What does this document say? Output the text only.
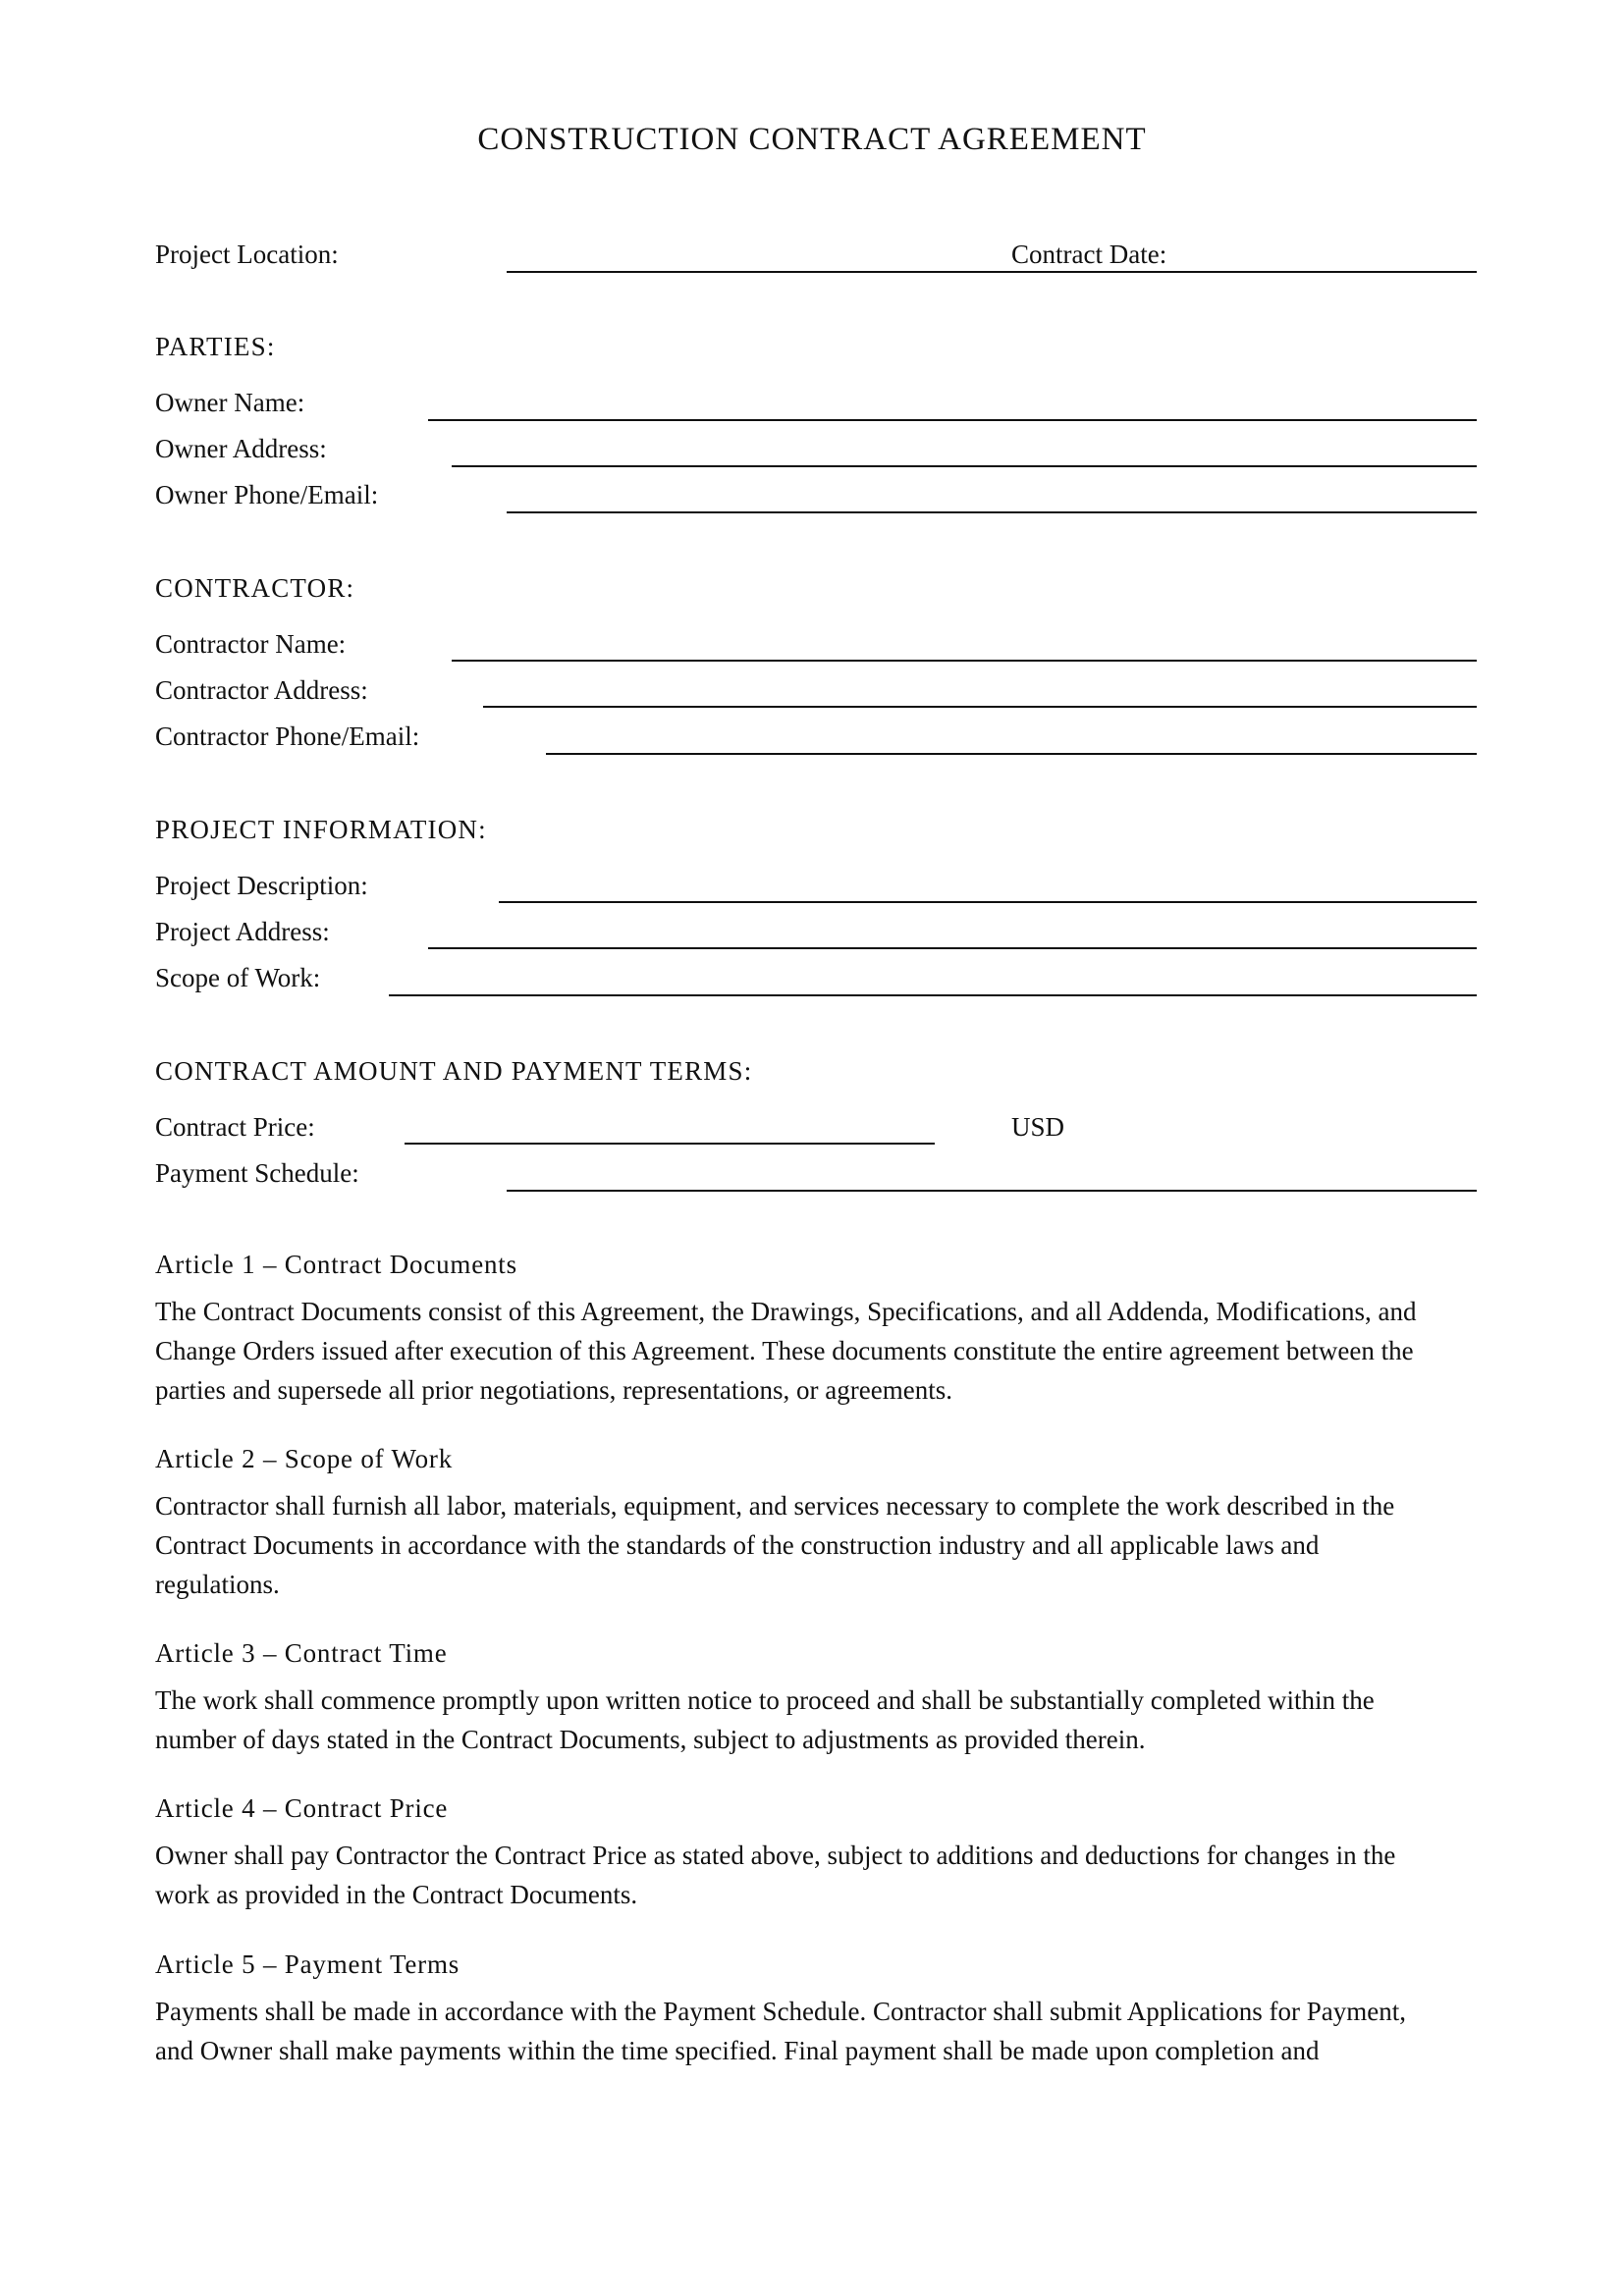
CONSTRUCTION CONTRACT AGREEMENT
Project Location:	Contract Date:
PARTIES:
Owner Name:
Owner Address:
Owner Phone/Email:
CONTRACTOR:
Contractor Name:
Contractor Address:
Contractor Phone/Email:
PROJECT INFORMATION:
Project Description:
Project Address:
Scope of Work:
CONTRACT AMOUNT AND PAYMENT TERMS:
Contract Price:	USD
Payment Schedule:
Article 1 – Contract Documents
The Contract Documents consist of this Agreement, the Drawings, Specifications, and all Addenda, Modifications, and
Change Orders issued after execution of this Agreement. These documents constitute the entire agreement between the
parties and supersede all prior negotiations, representations, or agreements.
Article 2 – Scope of Work
Contractor shall furnish all labor, materials, equipment, and services necessary to complete the work described in the
Contract Documents in accordance with the standards of the construction industry and all applicable laws and
regulations.
Article 3 – Contract Time
The work shall commence promptly upon written notice to proceed and shall be substantially completed within the
number of days stated in the Contract Documents, subject to adjustments as provided therein.
Article 4 – Contract Price
Owner shall pay Contractor the Contract Price as stated above, subject to additions and deductions for changes in the
work as provided in the Contract Documents.
Article 5 – Payment Terms
Payments shall be made in accordance with the Payment Schedule. Contractor shall submit Applications for Payment,
and Owner shall make payments within the time specified. Final payment shall be made upon completion and
